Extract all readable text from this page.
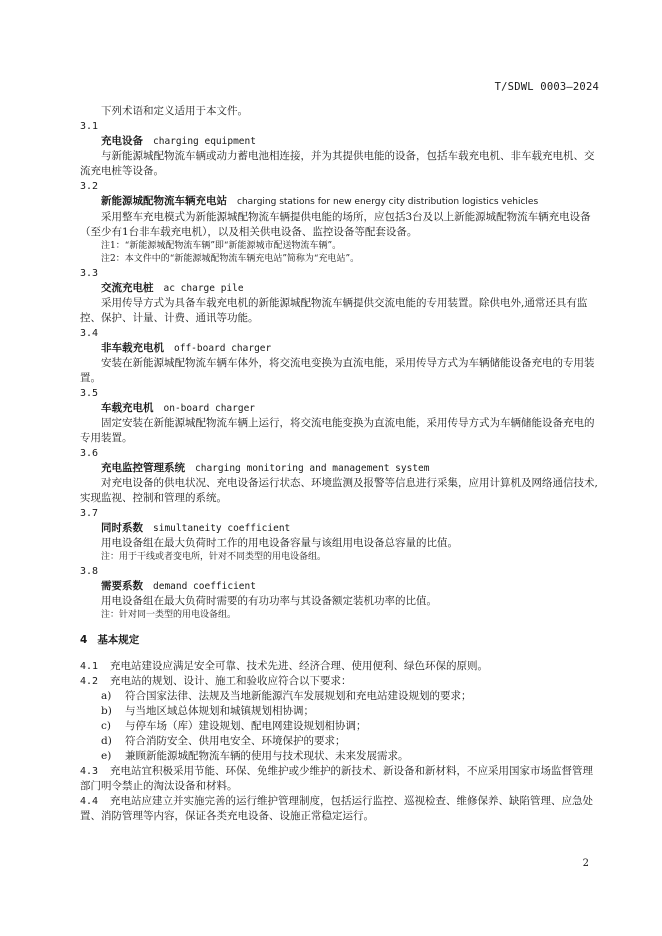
T/SDWL 0003—2024
下列术语和定义适用于本文件。
3.1
充电设备 charging equipment
与新能源城配物流车辆或动力蓄电池相连接，并为其提供电能的设备，包括车载充电机、非车载充电机、交流充电桩等设备。
3.2
新能源城配物流车辆充电站 charging stations for new energy city distribution logistics vehicles
采用整车充电模式为新能源城配物流车辆提供电能的场所，应包括3台及以上新能源城配物流车辆充电设备（至少有1台非车载充电机），以及相关供电设备、监控设备等配套设备。
注1：“新能源城配物流车辆”即“新能源城市配送物流车辆”。
注2：本文件中的“新能源城配物流车辆充电站”简称为“充电站”。
3.3
交流充电桩 ac charge pile
采用传导方式为具备车载充电机的新能源城配物流车辆提供交流电能的专用装置。除供电外,通常还具有监控、保护、计量、计费、通讯等功能。
3.4
非车载充电机 off-board charger
安装在新能源城配物流车辆车体外，将交流电变换为直流电能，采用传导方式为车辆储能设备充电的专用装置。
3.5
车载充电机 on-board charger
固定安装在新能源城配物流车辆上运行，将交流电能变换为直流电能，采用传导方式为车辆储能设备充电的专用装置。
3.6
充电监控管理系统 charging monitoring and management system
对充电设备的供电状况、充电设备运行状态、环境监测及报警等信息进行采集，应用计算机及网络通信技术,实现监视、控制和管理的系统。
3.7
同时系数 simultaneity coefficient
用电设备组在最大负荷时工作的用电设备容量与该组用电设备总容量的比值。
注：用于干线或者变电所，针对不同类型的用电设备组。
3.8
需要系数 demand coefficient
用电设备组在最大负荷时需要的有功功率与其设备额定装机功率的比值。
注：针对同一类型的用电设备组。
4 基本规定
4.1 充电站建设应满足安全可靠、技术先进、经济合理、使用便利、绿色环保的原则。
4.2 充电站的规划、设计、施工和验收应符合以下要求：
a) 符合国家法律、法规及当地新能源汽车发展规划和充电站建设规划的要求；
b) 与当地区域总体规划和城镇规划相协调；
c) 与停车场（库）建设规划、配电网建设规划相协调；
d) 符合消防安全、供用电安全、环境保护的要求；
e) 兼顾新能源城配物流车辆的使用与技术现状、未来发展需求。
4.3 充电站宜积极采用节能、环保、免维护或少维护的新技术、新设备和新材料，不应采用国家市场监督管理部门明令禁止的淘汰设备和材料。
4.4 充电站应建立并实施完善的运行维护管理制度，包括运行监控、巡视检查、维修保养、缺陷管理、应急处置、消防管理等内容，保证各类充电设备、设施正常稳定运行。
2
